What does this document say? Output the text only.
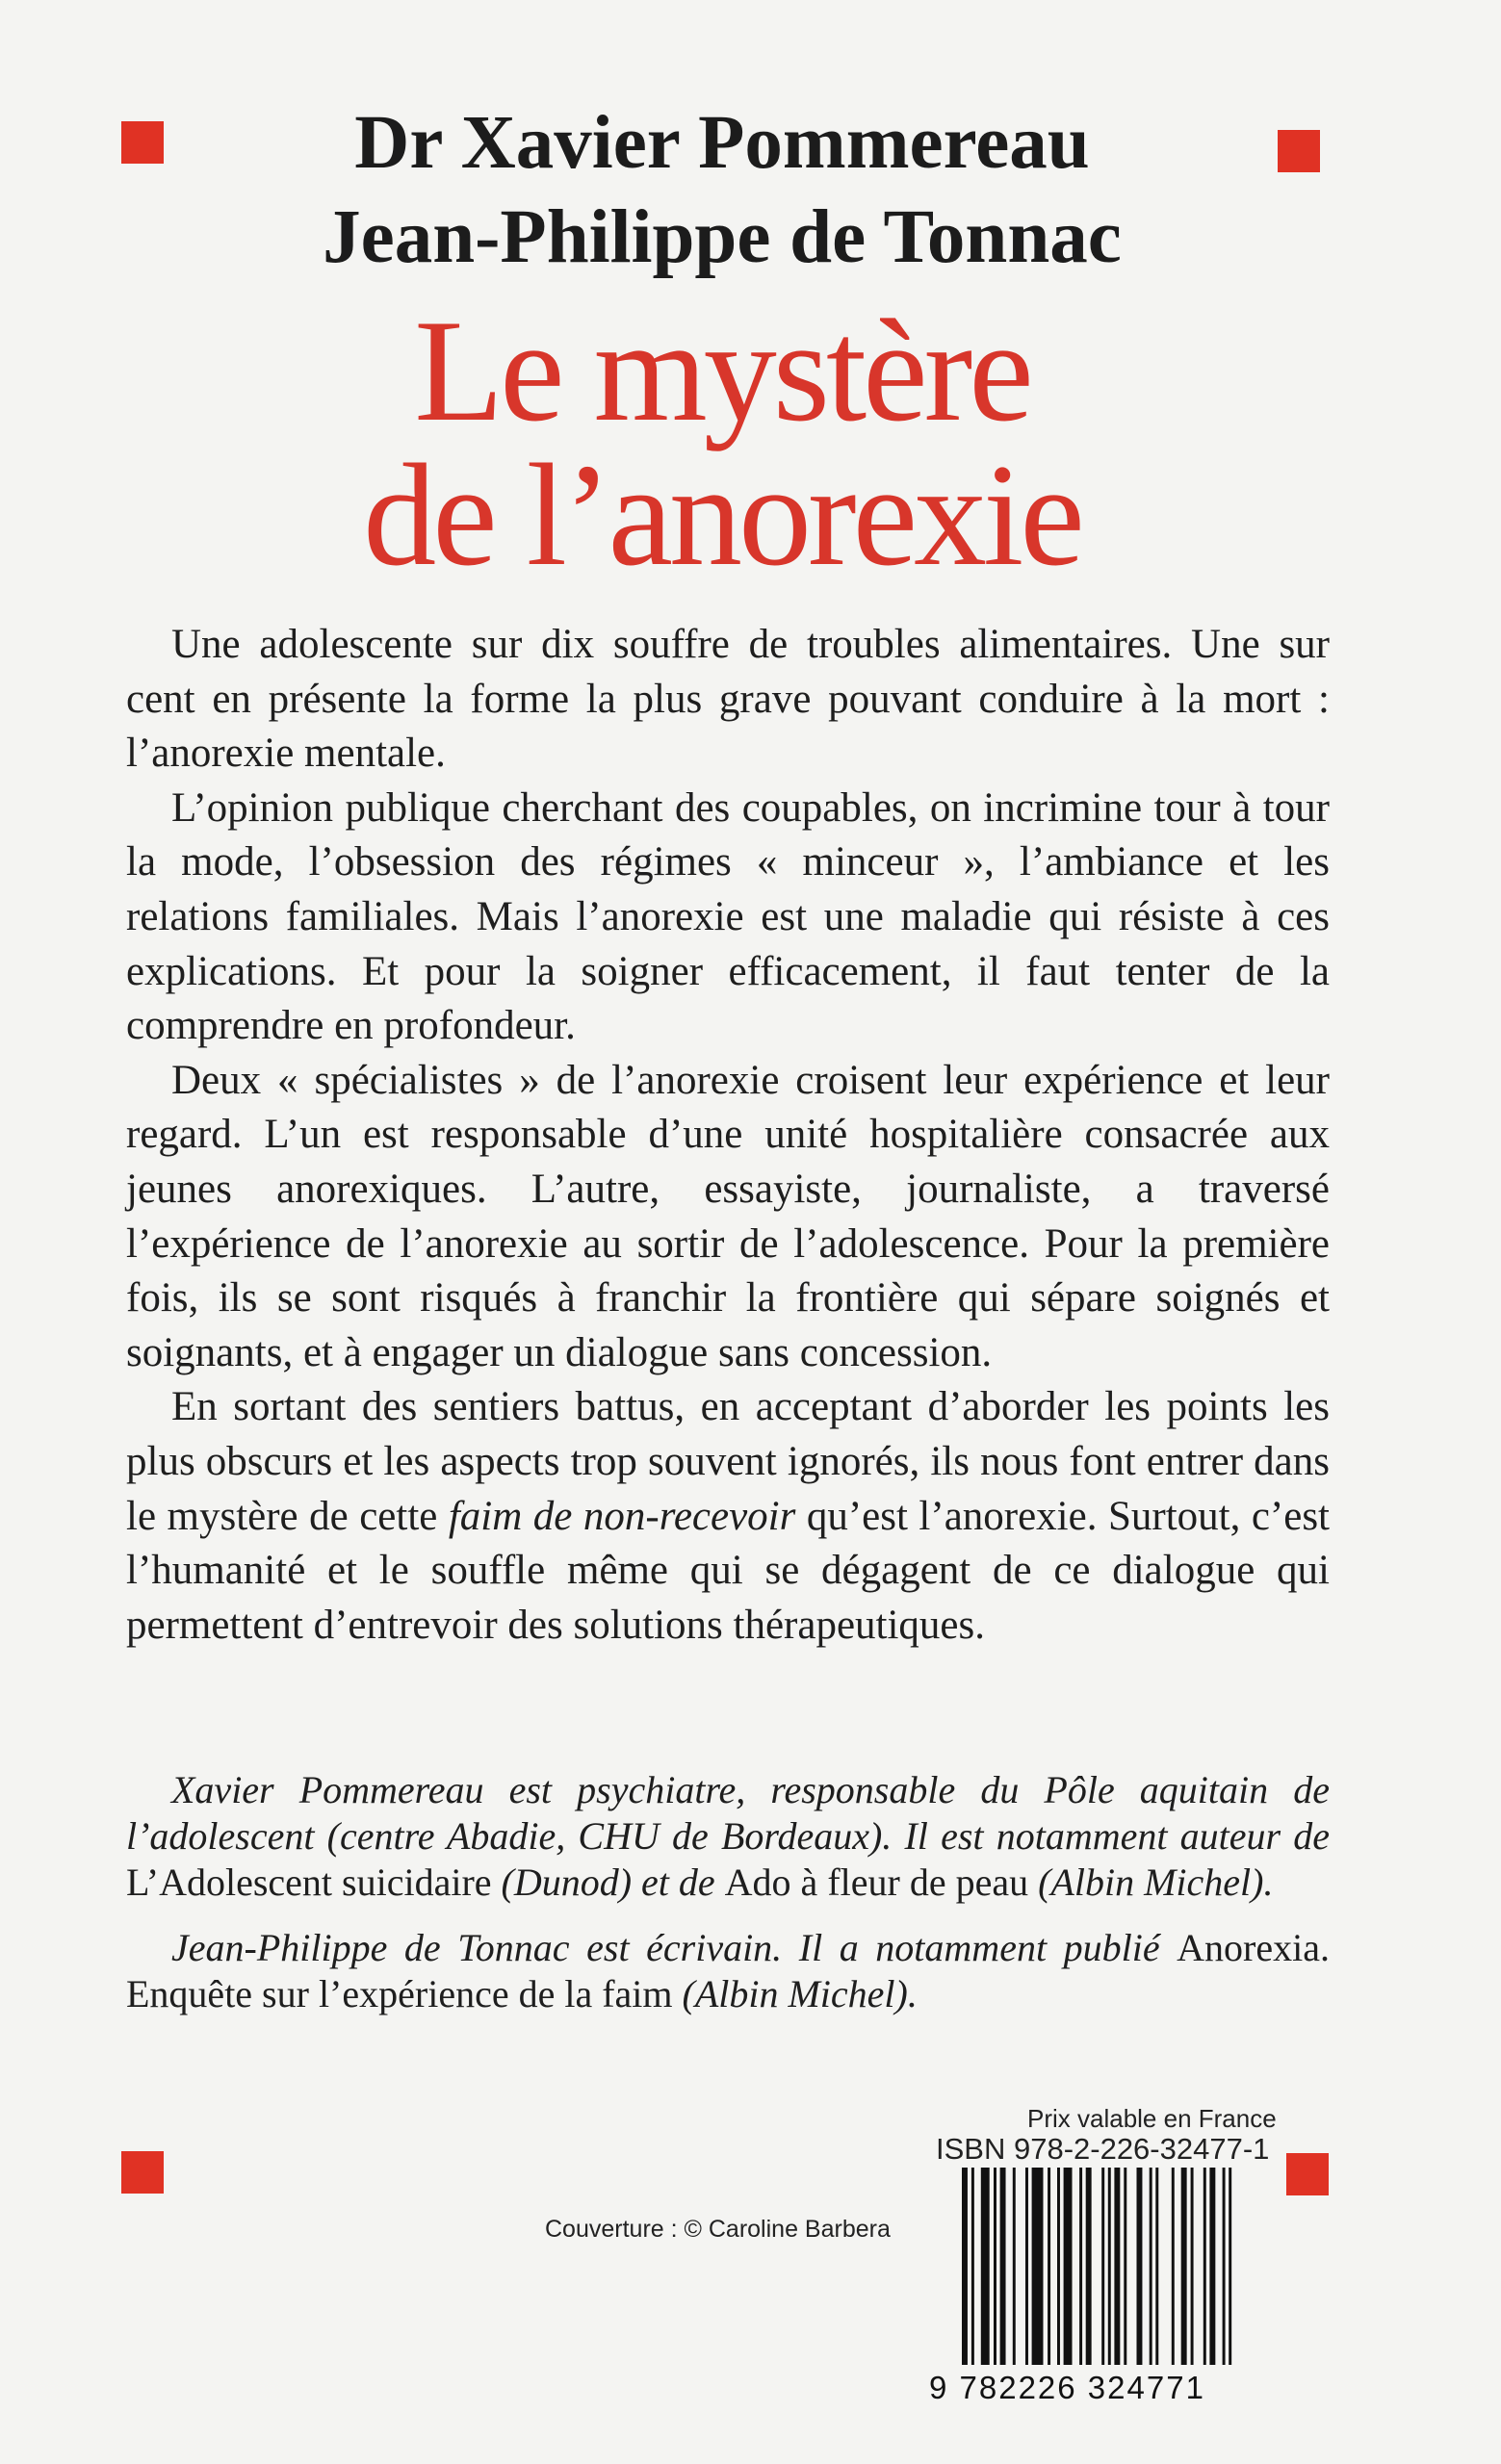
Dr Xavier Pommereau
Jean-Philippe de Tonnac
Le mystère
de l’anorexie

Une adolescente sur dix souffre de troubles alimentaires. Une sur cent en présente la forme la plus grave pouvant conduire à la mort : l’anorexie mentale.

L’opinion publique cherchant des coupables, on incrimine tour à tour la mode, l’obsession des régimes « minceur », l’ambiance et les relations familiales. Mais l’anorexie est une maladie qui résiste à ces explications. Et pour la soigner efficacement, il faut tenter de la comprendre en profondeur.

Deux « spécialistes » de l’anorexie croisent leur expérience et leur regard. L’un est responsable d’une unité hospitalière consacrée aux jeunes anorexiques. L’autre, essayiste, journaliste, a traversé l’expérience de l’anorexie au sortir de l’adolescence. Pour la première fois, ils se sont risqués à franchir la frontière qui sépare soignés et soignants, et à engager un dialogue sans concession.

En sortant des sentiers battus, en acceptant d’aborder les points les plus obscurs et les aspects trop souvent ignorés, ils nous font entrer dans le mystère de cette faim de non-recevoir qu’est l’anorexie. Surtout, c’est l’humanité et le souffle même qui se dégagent de ce dialogue qui permettent d’entrevoir des solutions thérapeutiques.

Xavier Pommereau est psychiatre, responsable du Pôle aquitain de l’adolescent (centre Abadie, CHU de Bordeaux). Il est notamment auteur de L’Adolescent suicidaire (Dunod) et de Ado à fleur de peau (Albin Michel).

Jean-Philippe de Tonnac est écrivain. Il a notamment publié Anorexia. Enquête sur l’expérience de la faim (Albin Michel).

Prix valable en France
ISBN 978-2-226-32477-1
Couverture : © Caroline Barbera
9 782226 324771
